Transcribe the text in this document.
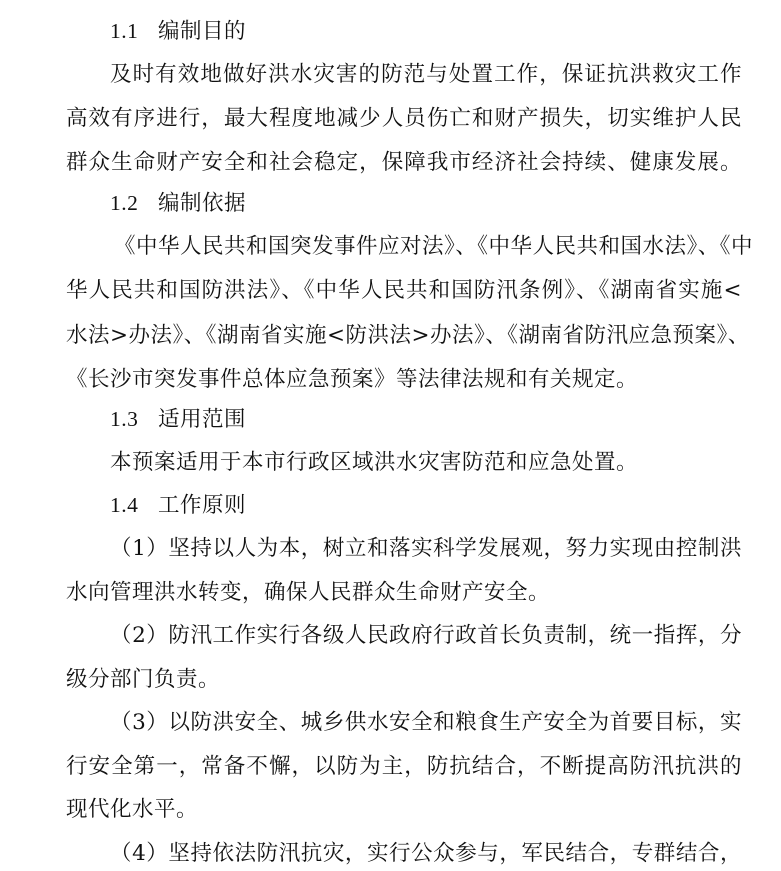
1.1 编制目的
及时有效地做好洪水灾害的防范与处置工作，保证抗洪救灾工作
高效有序进行，最大程度地减少人员伤亡和财产损失，切实维护人民
群众生命财产安全和社会稳定，保障我市经济社会持续、健康发展。
1.2 编制依据
《中华人民共和国突发事件应对法》、《中华人民共和国水法》、《中
华人民共和国防洪法》、《中华人民共和国防汛条例》、《湖南省实施<
水法>办法》、《湖南省实施<防洪法>办法》、《湖南省防汛应急预案》、
《长沙市突发事件总体应急预案》等法律法规和有关规定。
1.3 适用范围
本预案适用于本市行政区域洪水灾害防范和应急处置。
1.4 工作原则
（1）坚持以人为本，树立和落实科学发展观，努力实现由控制洪
水向管理洪水转变，确保人民群众生命财产安全。
（2）防汛工作实行各级人民政府行政首长负责制，统一指挥，分
级分部门负责。
（3）以防洪安全、城乡供水安全和粮食生产安全为首要目标，实
行安全第一，常备不懈，以防为主，防抗结合，不断提高防汛抗洪的
现代化水平。
（4）坚持依法防汛抗灾，实行公众参与，军民结合，专群结合，
